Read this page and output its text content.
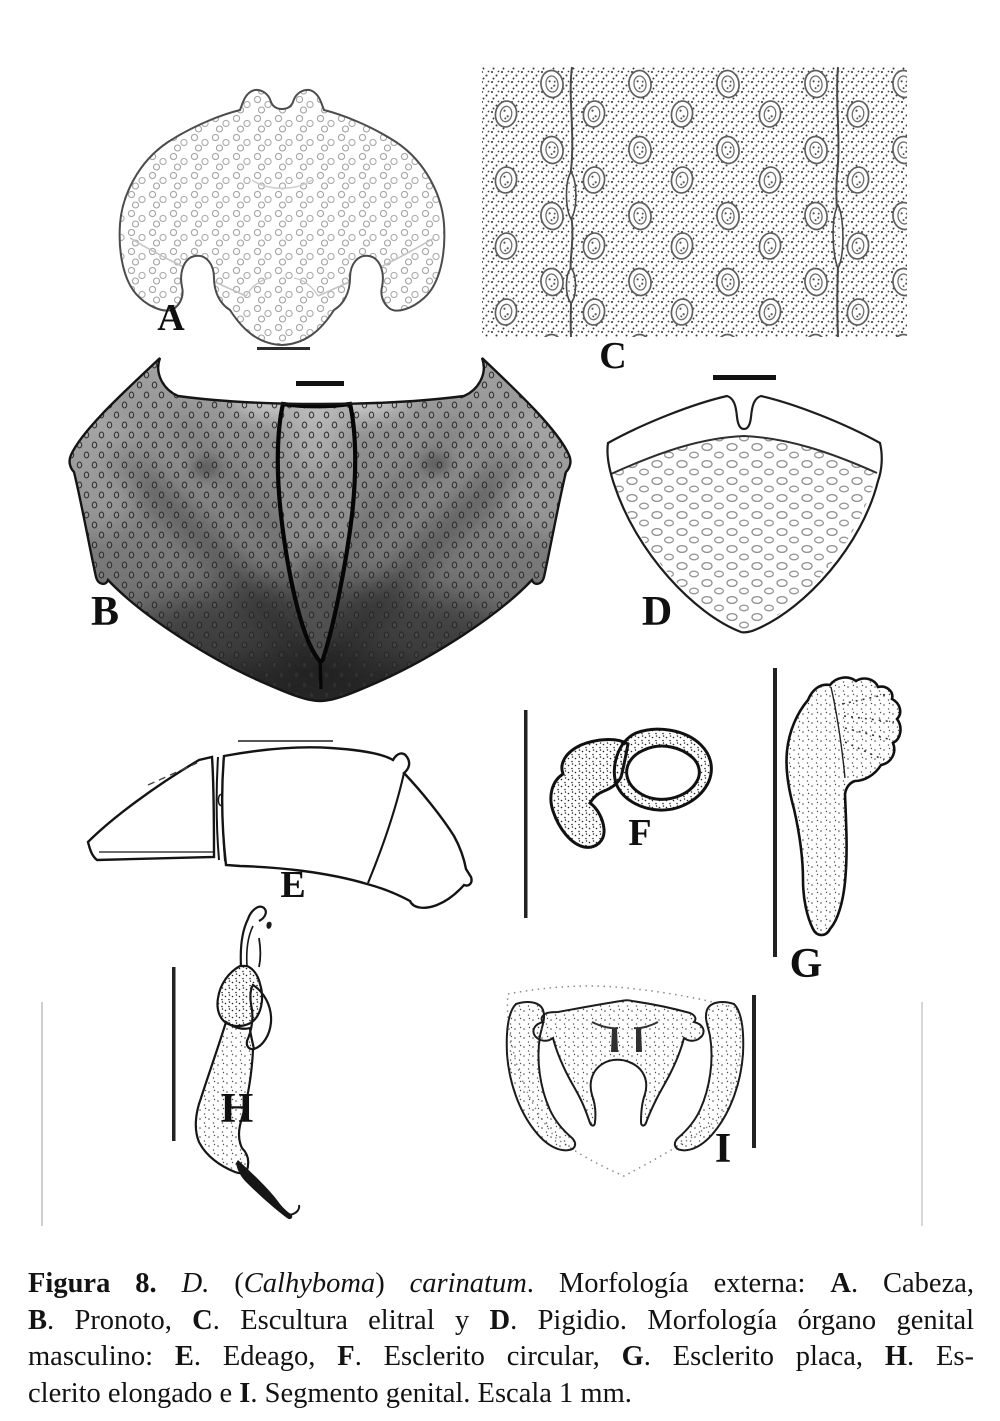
A
C
B	D
E
F
G
H
I
Figura 8. D. (Calhyboma) carinatum. Morfología externa: A. Cabeza,
B. Pronoto, C. Escultura elitral y D. Pigidio. Morfología órgano genital
masculino: E. Edeago, F. Esclerito circular, G. Esclerito placa, H. Es-
clerito elongado e I. Segmento genital. Escala 1 mm.
